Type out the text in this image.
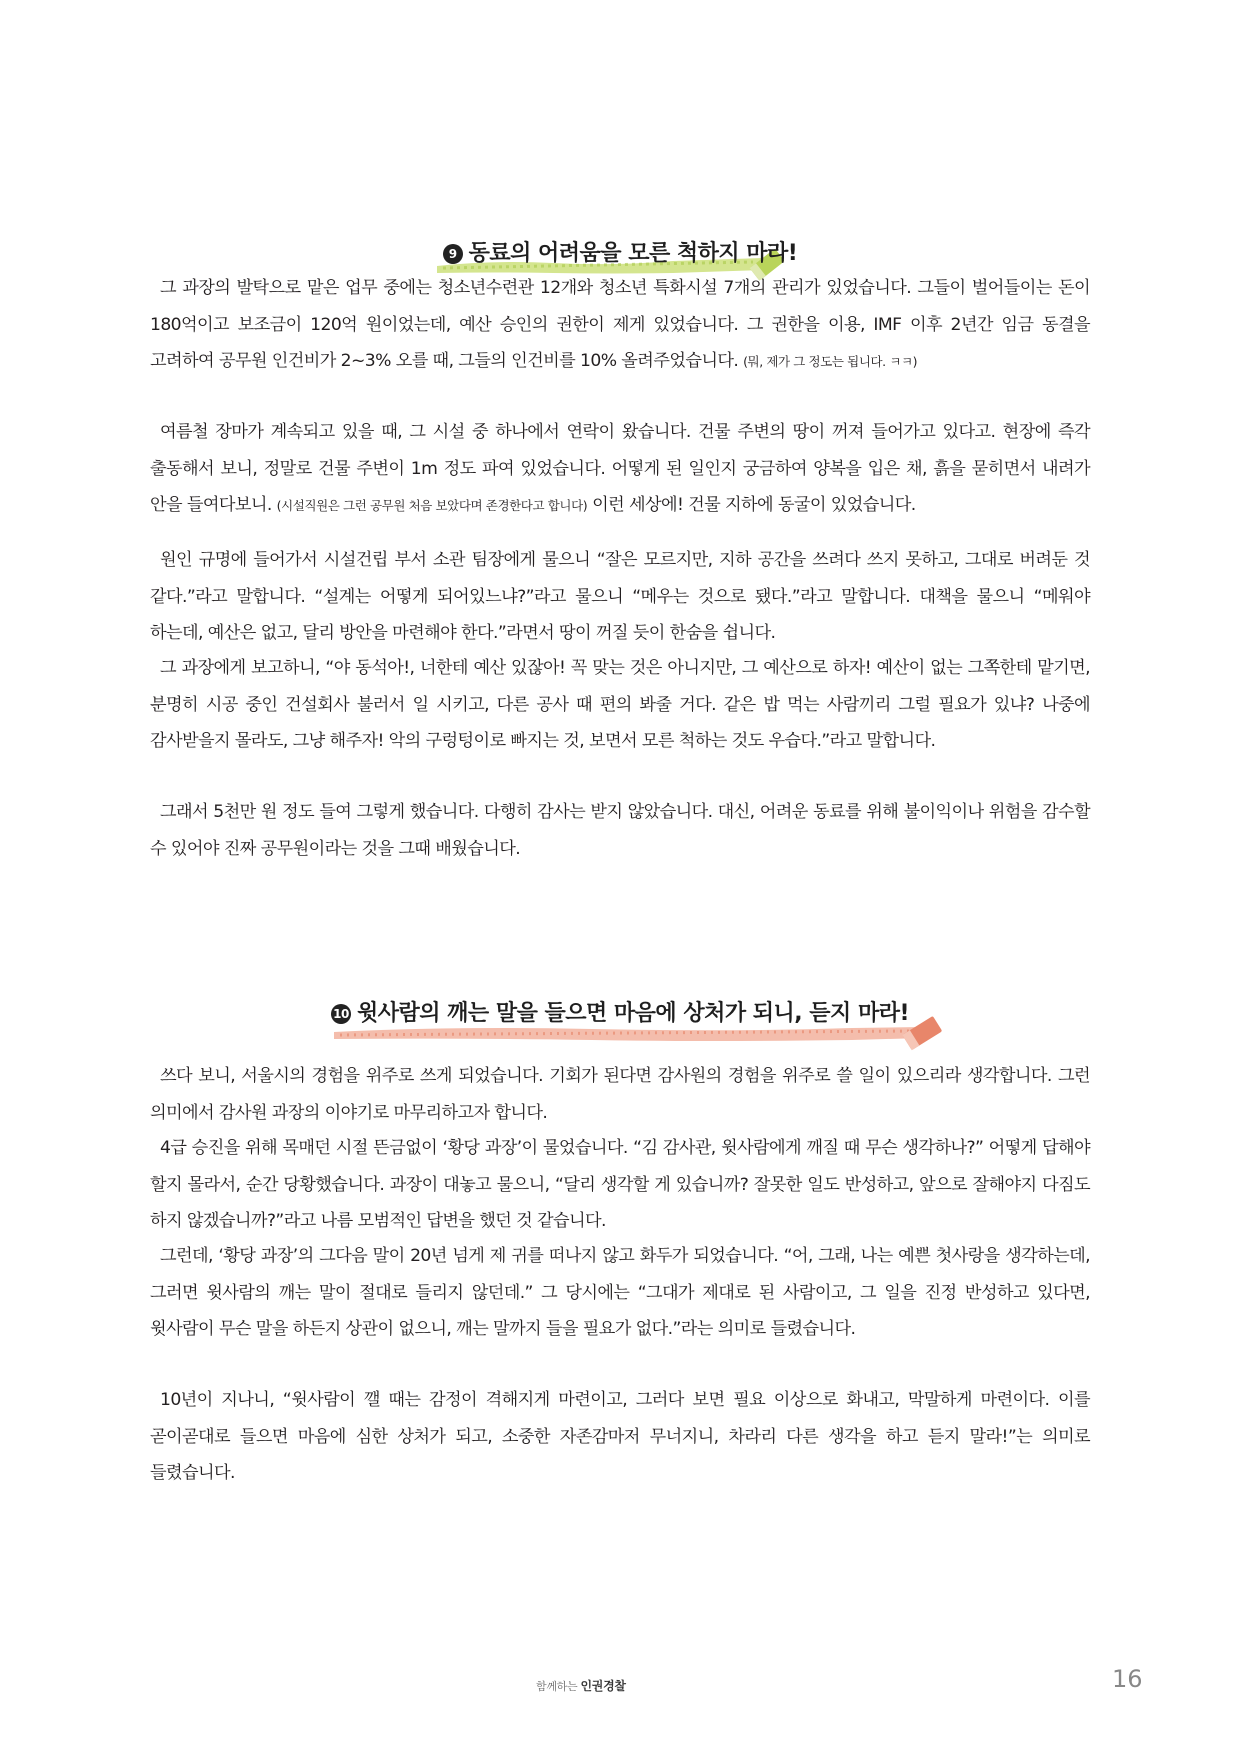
9 동료의 어려움을 모른 척하지 마라!

그 과장의 발탁으로 맡은 업무 중에는 청소년수련관 12개와 청소년 특화시설 7개의 관리가 있었습니다. 그들이 벌어들이는 돈이 180억이고 보조금이 120억 원이었는데, 예산 승인의 권한이 제게 있었습니다. 그 권한을 이용, IMF 이후 2년간 임금 동결을 고려하여 공무원 인건비가 2~3% 오를 때, 그들의 인건비를 10% 올려주었습니다. (뭐, 제가 그 정도는 됩니다. ㅋㅋ)

여름철 장마가 계속되고 있을 때, 그 시설 중 하나에서 연락이 왔습니다. 건물 주변의 땅이 꺼져 들어가고 있다고. 현장에 즉각 출동해서 보니, 정말로 건물 주변이 1m 정도 파여 있었습니다. 어떻게 된 일인지 궁금하여 양복을 입은 채, 흙을 묻히면서 내려가 안을 들여다보니. (시설직원은 그런 공무원 처음 보았다며 존경한다고 합니다) 이런 세상에! 건물 지하에 동굴이 있었습니다.

원인 규명에 들어가서 시설건립 부서 소관 팀장에게 물으니 “잘은 모르지만, 지하 공간을 쓰려다 쓰지 못하고, 그대로 버려둔 것 같다.”라고 말합니다. “설계는 어떻게 되어있느냐?”라고 물으니 “메우는 것으로 됐다.”라고 말합니다. 대책을 물으니 “메워야 하는데, 예산은 없고, 달리 방안을 마련해야 한다.”라면서 땅이 꺼질 듯이 한숨을 쉽니다.

그 과장에게 보고하니, “야 동석아!, 너한테 예산 있잖아! 꼭 맞는 것은 아니지만, 그 예산으로 하자! 예산이 없는 그쪽한테 맡기면, 분명히 시공 중인 건설회사 불러서 일 시키고, 다른 공사 때 편의 봐줄 거다. 같은 밥 먹는 사람끼리 그럴 필요가 있냐? 나중에 감사받을지 몰라도, 그냥 해주자! 악의 구렁텅이로 빠지는 것, 보면서 모른 척하는 것도 우습다.”라고 말합니다.

그래서 5천만 원 정도 들여 그렇게 했습니다. 다행히 감사는 받지 않았습니다. 대신, 어려운 동료를 위해 불이익이나 위험을 감수할 수 있어야 진짜 공무원이라는 것을 그때 배웠습니다.

10 윗사람의 깨는 말을 들으면 마음에 상처가 되니, 듣지 마라!

쓰다 보니, 서울시의 경험을 위주로 쓰게 되었습니다. 기회가 된다면 감사원의 경험을 위주로 쓸 일이 있으리라 생각합니다. 그런 의미에서 감사원 과장의 이야기로 마무리하고자 합니다.

4급 승진을 위해 목매던 시절 뜬금없이 ‘황당 과장’이 물었습니다. “김 감사관, 윗사람에게 깨질 때 무슨 생각하나?” 어떻게 답해야 할지 몰라서, 순간 당황했습니다. 과장이 대놓고 물으니, “달리 생각할 게 있습니까? 잘못한 일도 반성하고, 앞으로 잘해야지 다짐도 하지 않겠습니까?”라고 나름 모범적인 답변을 했던 것 같습니다.

그런데, ‘황당 과장’의 그다음 말이 20년 넘게 제 귀를 떠나지 않고 화두가 되었습니다. “어, 그래, 나는 예쁜 첫사랑을 생각하는데, 그러면 윗사람의 깨는 말이 절대로 들리지 않던데.” 그 당시에는 “그대가 제대로 된 사람이고, 그 일을 진정 반성하고 있다면, 윗사람이 무슨 말을 하든지 상관이 없으니, 깨는 말까지 들을 필요가 없다.”라는 의미로 들렸습니다.

10년이 지나니, “윗사람이 깰 때는 감정이 격해지게 마련이고, 그러다 보면 필요 이상으로 화내고, 막말하게 마련이다. 이를 곧이곧대로 들으면 마음에 심한 상처가 되고, 소중한 자존감마저 무너지니, 차라리 다른 생각을 하고 듣지 말라!”는 의미로 들렸습니다.

함께하는 인권경찰	16
